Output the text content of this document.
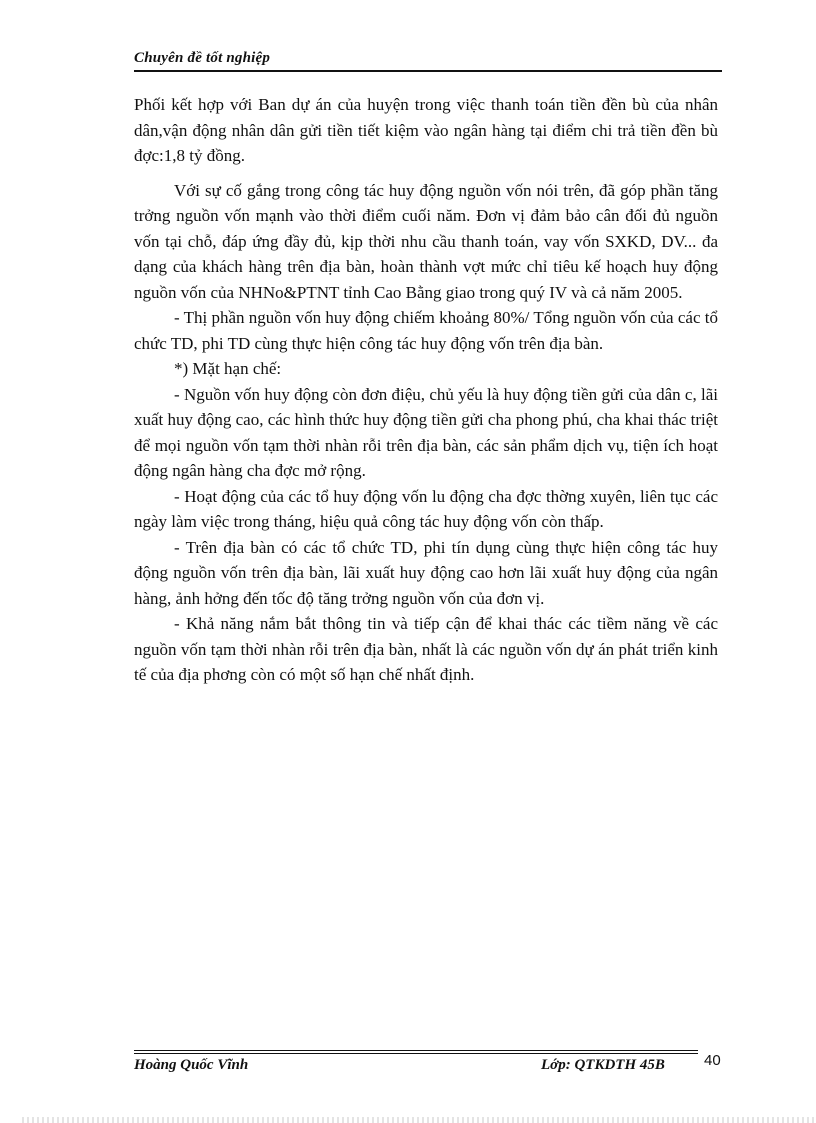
Chuyên đề tốt nghiệp

Phối kết hợp với Ban dự án của huyện trong việc thanh toán tiền đền bù của nhân dân,vận động nhân dân gửi tiền tiết kiệm vào ngân hàng tại điểm chi trả tiền đền bù đợc:1,8 tỷ đồng.

Với sự cố gắng trong công tác huy động nguồn vốn nói trên, đã góp phần tăng trởng nguồn vốn mạnh vào thời điểm cuối năm. Đơn vị đảm bảo cân đối đủ nguồn vốn tại chỗ, đáp ứng đầy đủ, kịp thời nhu cầu thanh toán, vay vốn SXKD, DV... đa dạng của khách hàng trên địa bàn, hoàn thành vợt mức chỉ tiêu kế hoạch huy động nguồn vốn của NHNo&PTNT tỉnh Cao Bằng giao trong quý IV và cả năm 2005.

- Thị phần nguồn vốn huy động chiếm khoảng 80%/ Tổng nguồn vốn của các tổ chức TD, phi TD cùng thực hiện công tác huy động vốn trên địa bàn.

*) Mặt hạn chế:

- Nguồn vốn huy động còn đơn điệu, chủ yếu là huy động tiền gửi của dân c, lãi xuất huy động cao, các hình thức huy động tiền gửi cha phong phú, cha khai thác triệt để mọi nguồn vốn tạm thời nhàn rỗi trên địa bàn, các sản phẩm dịch vụ, tiện ích hoạt động ngân hàng cha đợc mở rộng.

- Hoạt động của các tổ huy động vốn lu động cha đợc thờng xuyên, liên tục các ngày làm việc trong tháng, hiệu quả công tác huy động vốn còn thấp.

- Trên địa bàn có các tổ chức TD, phi tín dụng cùng thực hiện công tác huy động nguồn vốn trên địa bàn, lãi xuất huy động cao hơn lãi xuất huy động của ngân hàng, ảnh hởng đến tốc độ tăng trởng nguồn vốn của đơn vị.

- Khả năng nắm bắt thông tin và tiếp cận để khai thác các tiềm năng về các nguồn vốn tạm thời nhàn rỗi trên địa bàn, nhất là các nguồn vốn dự án phát triển kinh tế của địa phơng còn có một số hạn chế nhất định.

Hoàng Quốc Vĩnh	Lớp: QTKDTH 45B	40
